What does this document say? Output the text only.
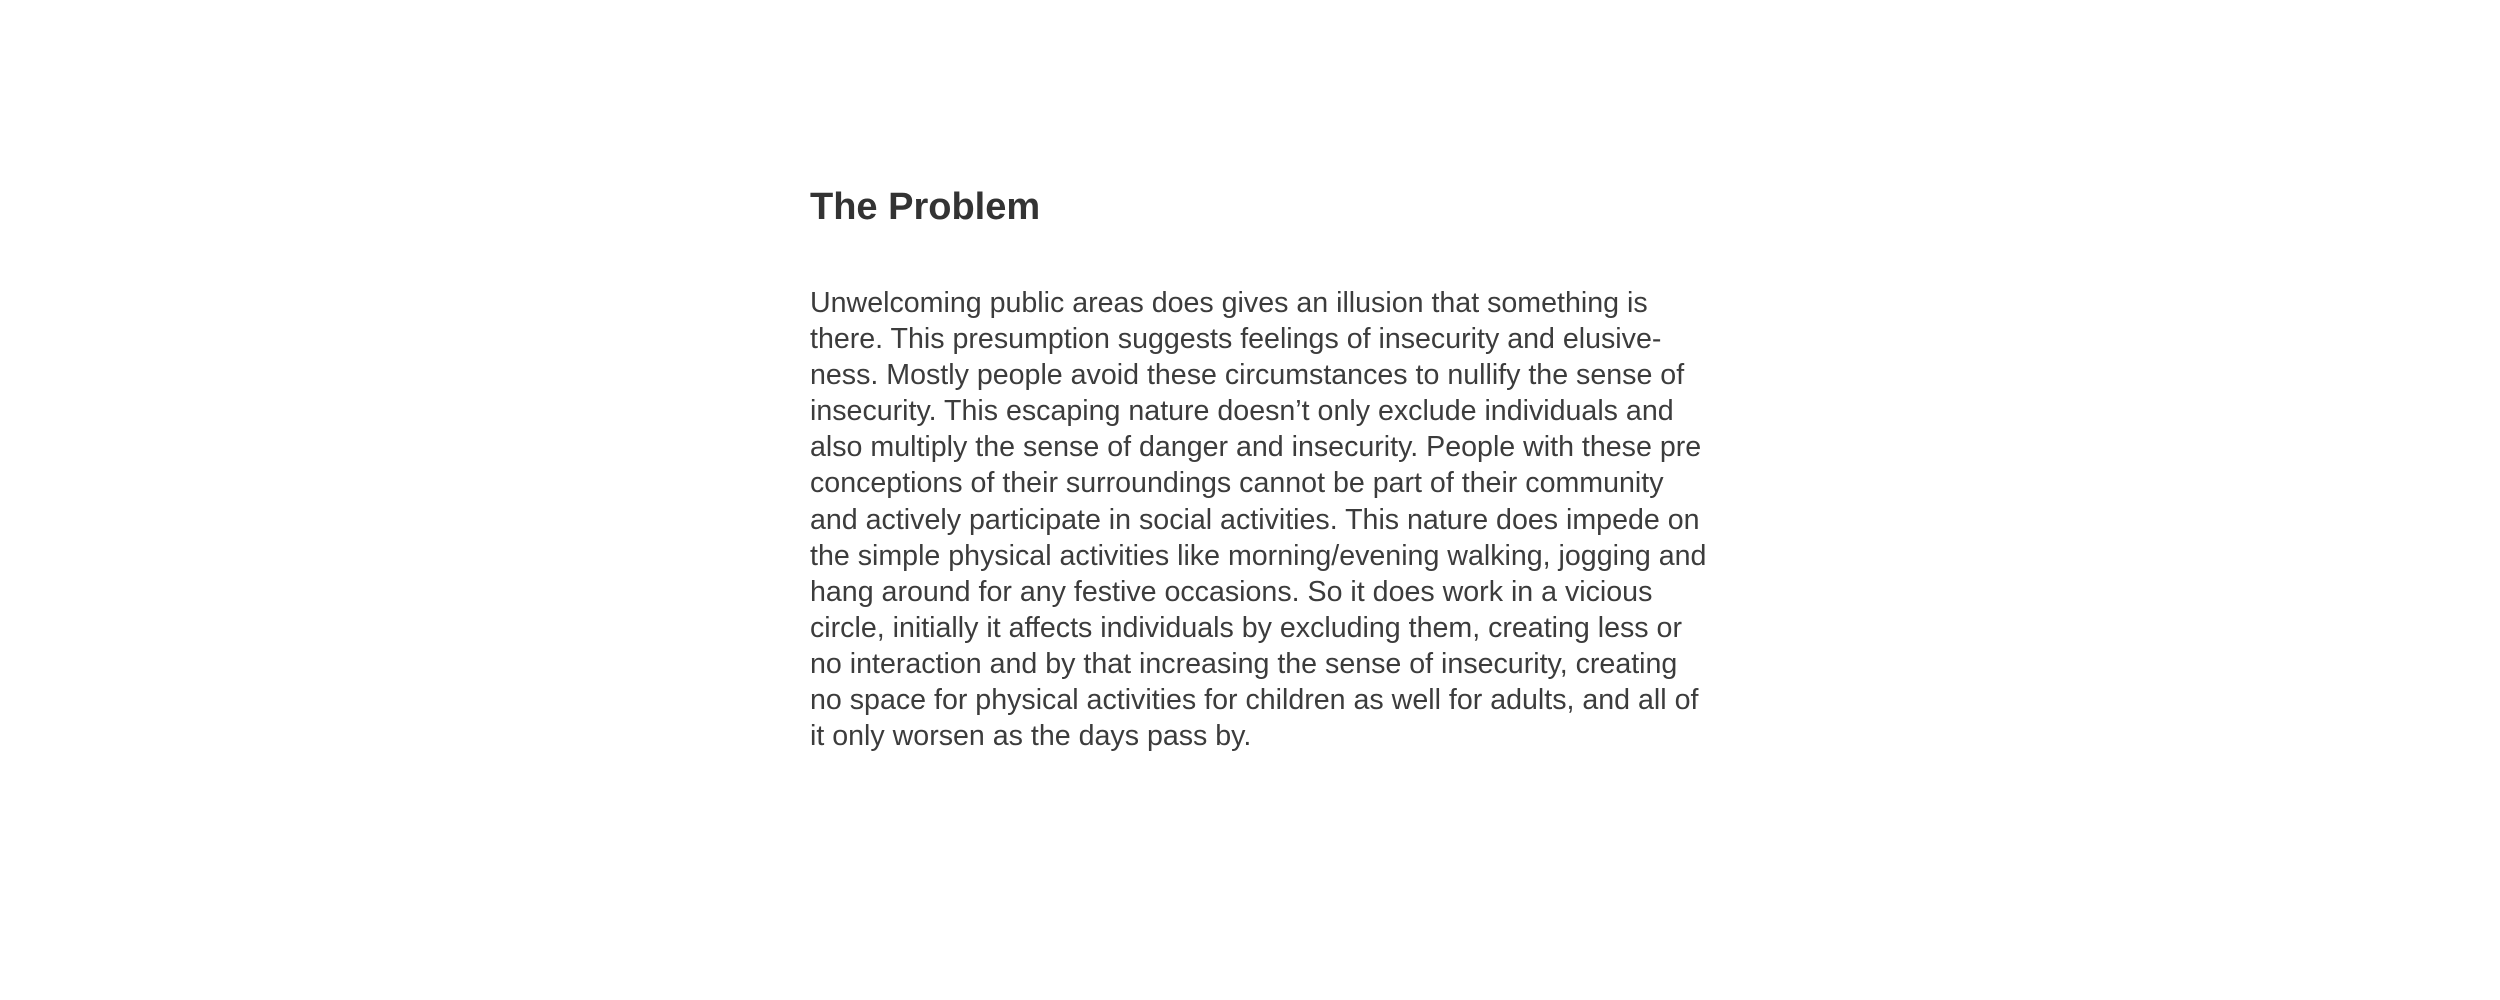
The Problem
Unwelcoming public areas does gives an illusion that something is
there. This presumption suggests feelings of insecurity and elusive-
ness. Mostly people avoid these circumstances to nullify the sense of
insecurity. This escaping nature doesn’t only exclude individuals and
also multiply the sense of danger and insecurity. People with these pre
conceptions of their surroundings cannot be part of their community
and actively participate in social activities. This nature does impede on
the simple physical activities like morning/evening walking, jogging and
hang around for any festive occasions. So it does work in a vicious
circle, initially it affects individuals by excluding them, creating less or
no interaction and by that increasing the sense of insecurity, creating
no space for physical activities for children as well for adults, and all of
it only worsen as the days pass by.
